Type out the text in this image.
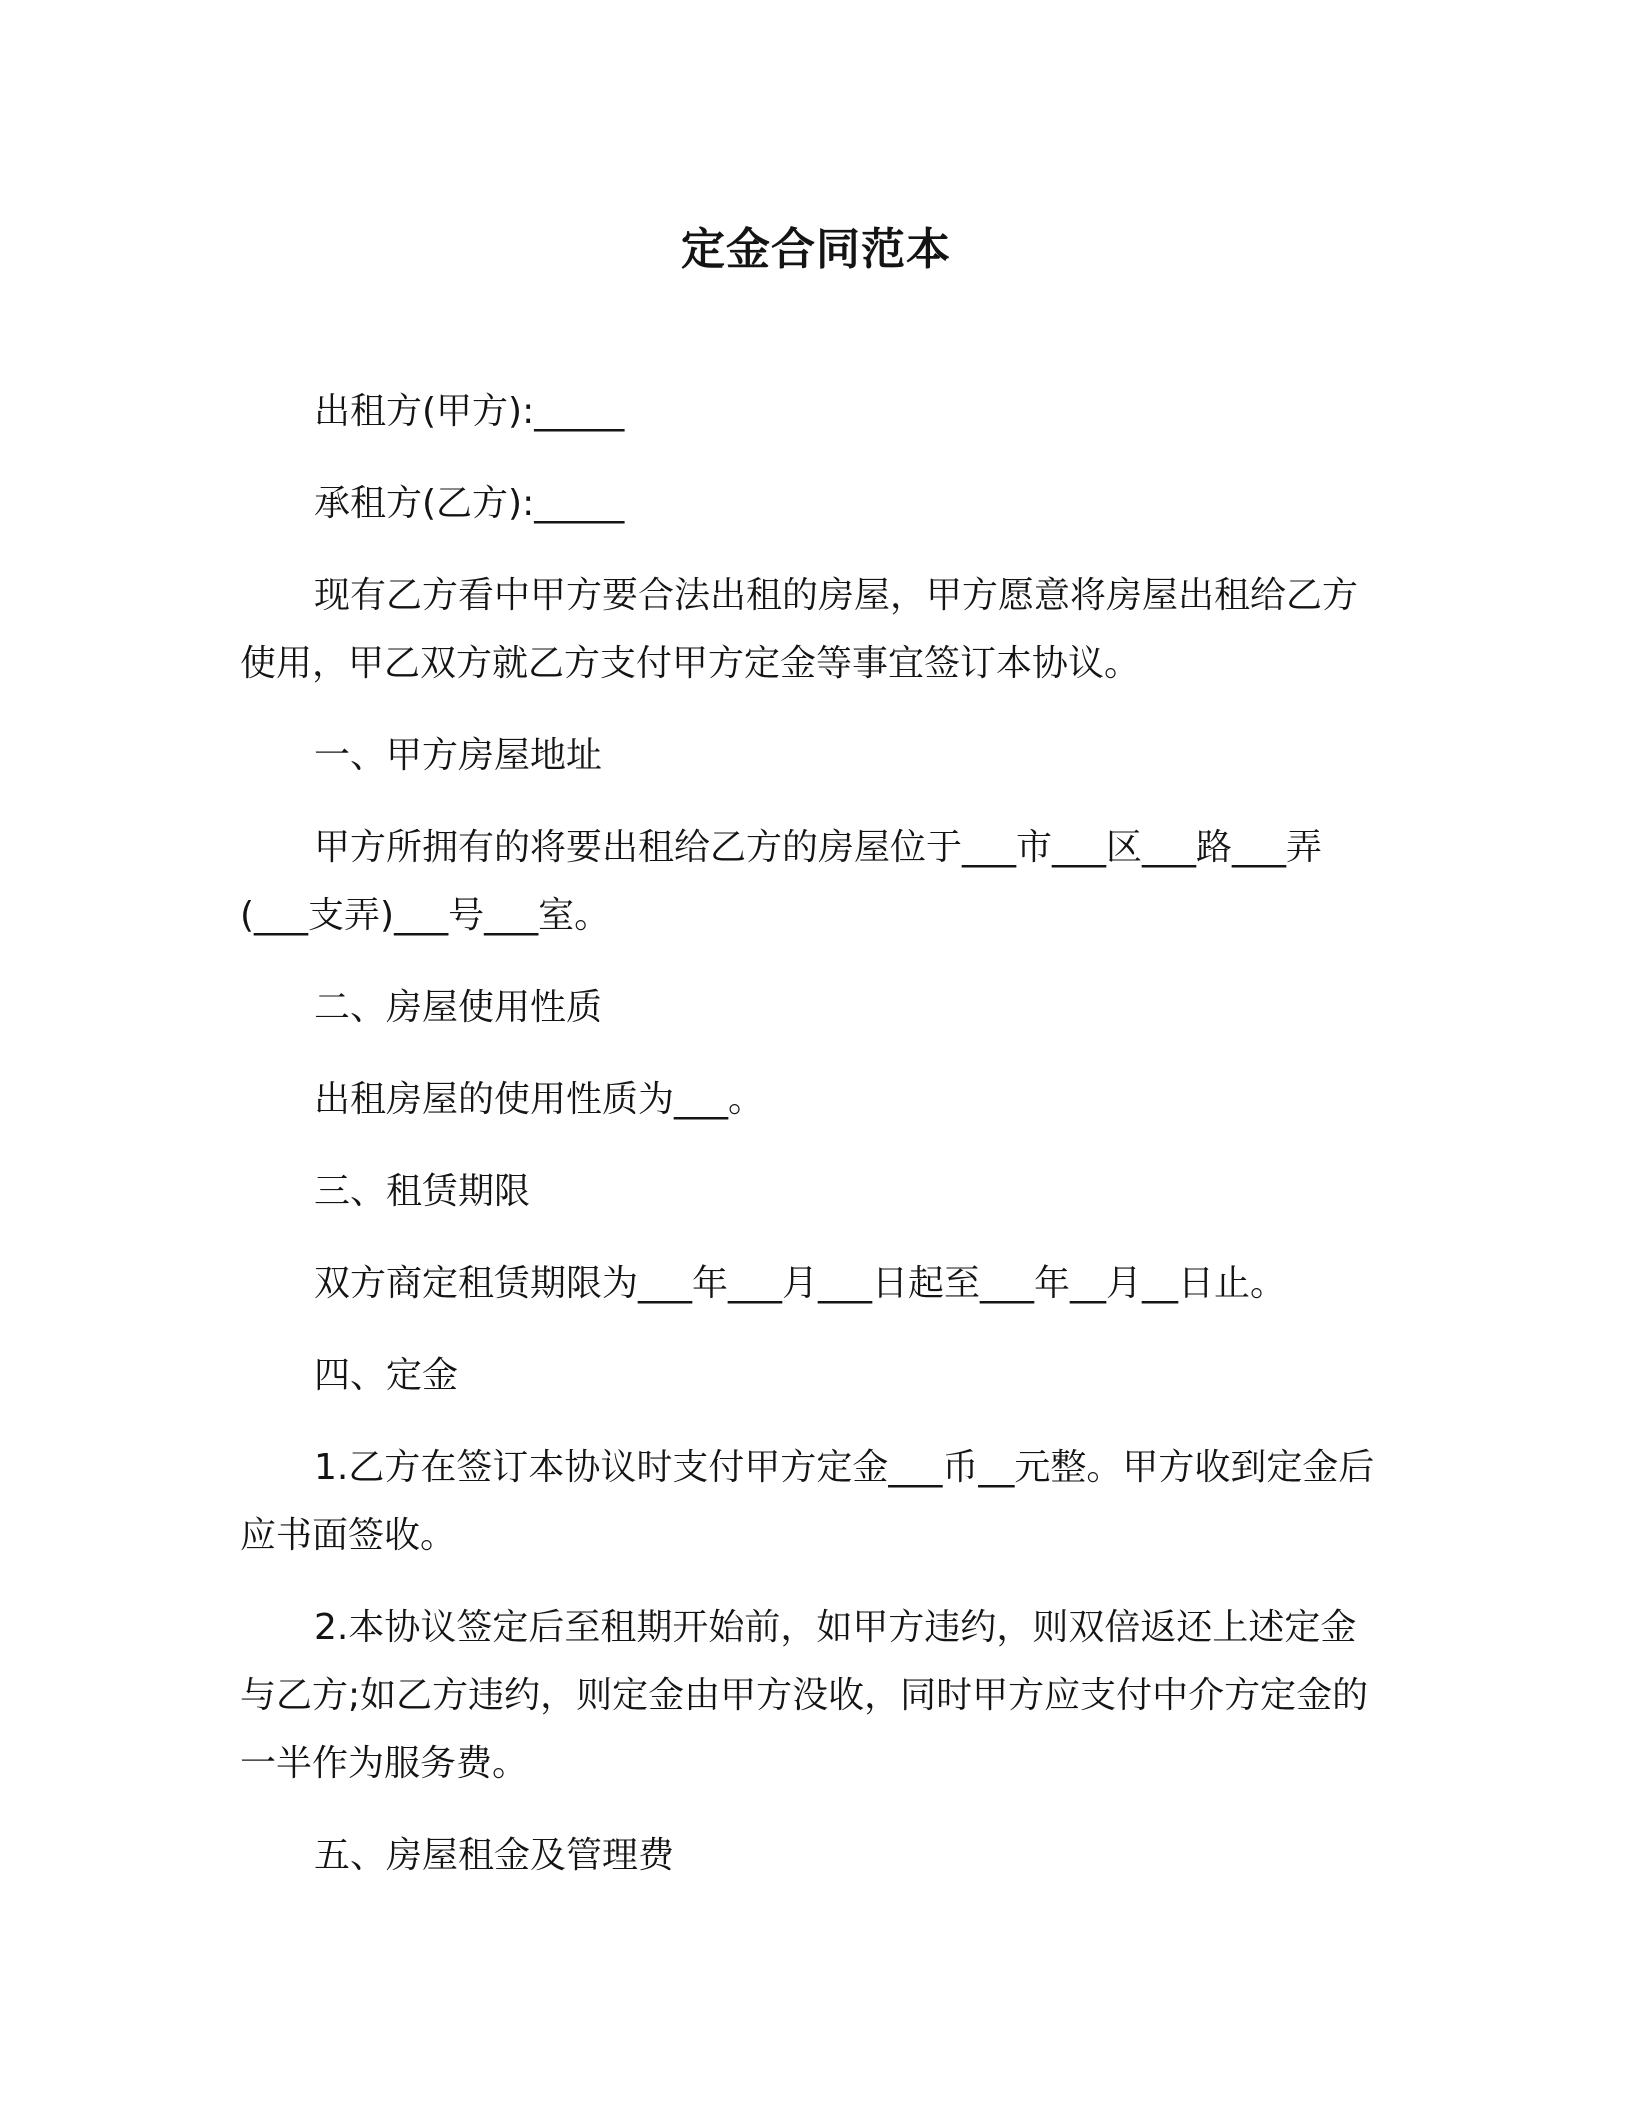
定金合同范本

出租方(甲方):_____

承租方(乙方):_____

现有乙方看中甲方要合法出租的房屋，甲方愿意将房屋出租给乙方使用，甲乙双方就乙方支付甲方定金等事宜签订本协议。

一、甲方房屋地址

甲方所拥有的将要出租给乙方的房屋位于___市___区___路___弄(___支弄)___号___室。

二、房屋使用性质

出租房屋的使用性质为___。

三、租赁期限

双方商定租赁期限为___年___月___日起至___年__月__日止。

四、定金

1.乙方在签订本协议时支付甲方定金___币__元整。甲方收到定金后应书面签收。

2.本协议签定后至租期开始前，如甲方违约，则双倍返还上述定金与乙方;如乙方违约，则定金由甲方没收，同时甲方应支付中介方定金的一半作为服务费。

五、房屋租金及管理费
